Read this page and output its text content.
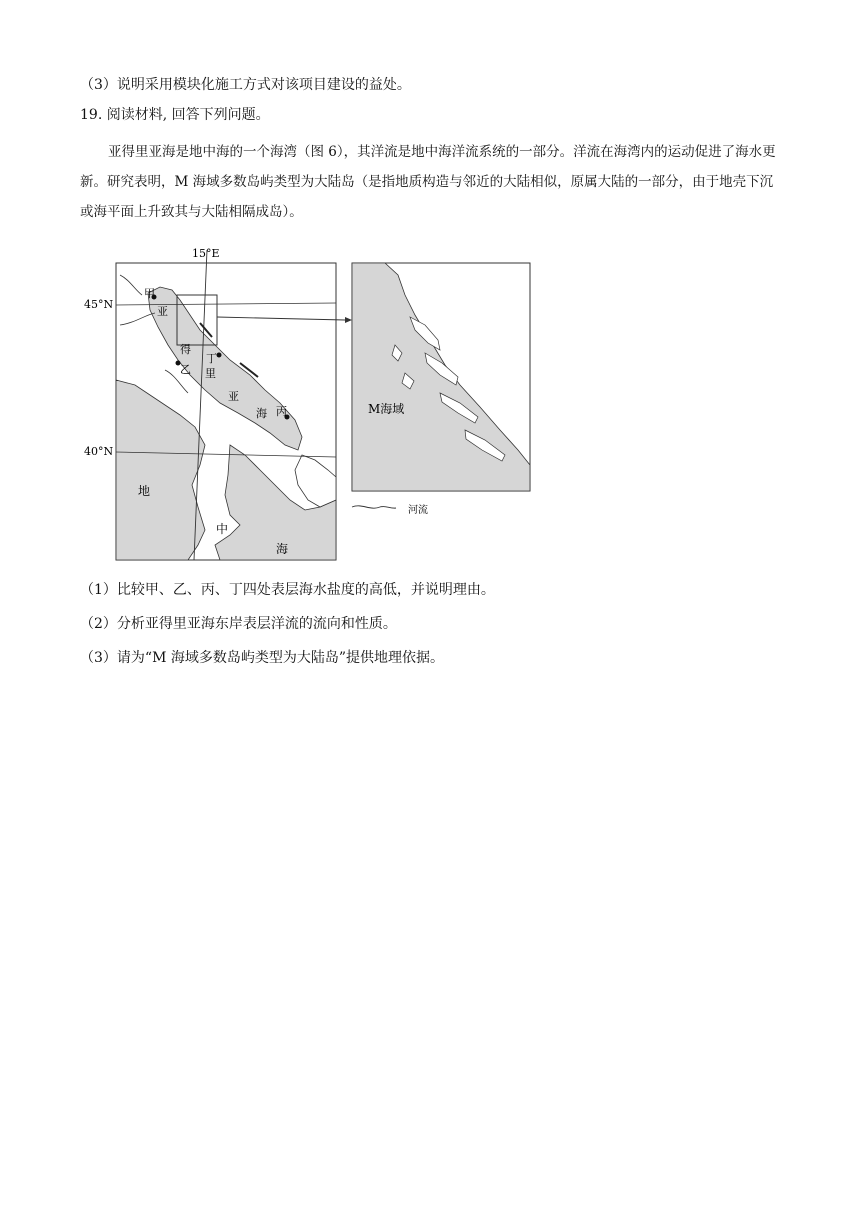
（3）说明采用模块化施工方式对该项目建设的益处。
19. 阅读材料, 回答下列问题。
亚得里亚海是地中海的一个海湾（图 6），其洋流是地中海洋流系统的一部分。洋流在海湾内的运动促进了海水更新。研究表明，M 海域多数岛屿类型为大陆岛（是指地质构造与邻近的大陆相似，原属大陆的一部分，由于地壳下沉或海平面上升致其与大陆相隔成岛）。
15°E
45°N
40°N
甲
乙
丙
丁
亚
得
里
亚
海
地
中
海
M海域
河流
（1）比较甲、乙、丙、丁四处表层海水盐度的高低，并说明理由。
（2）分析亚得里亚海东岸表层洋流的流向和性质。
（3）请为“M 海域多数岛屿类型为大陆岛”提供地理依据。
